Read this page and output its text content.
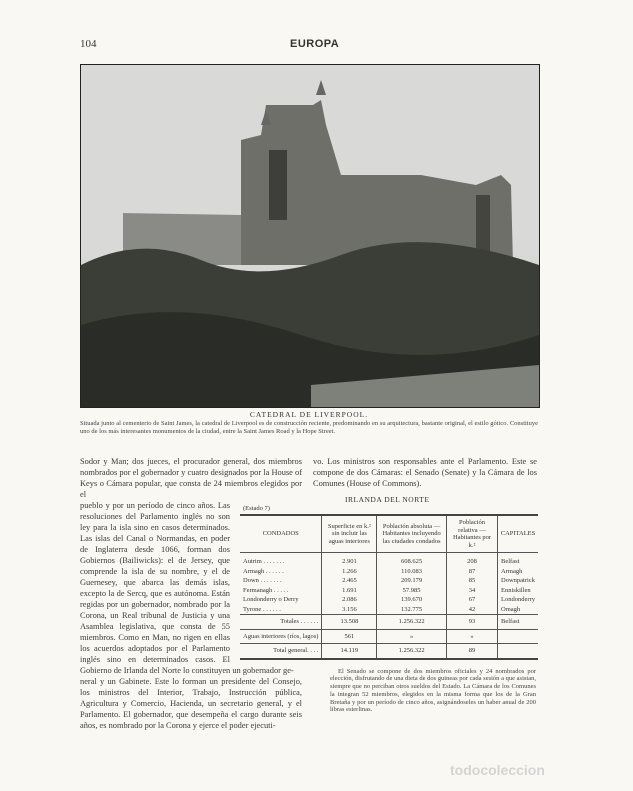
104	EUROPA
CATEDRAL DE LIVERPOOL.
Situada junto al cementerio de Saint James, la catedral de Liverpool es de construcción reciente, predominando en su arquitectura, bastante original, el estilo gótico. Constituye uno de los más interesantes monumentos de la ciudad, entre la Saint James Road y la Hope Street.

Sodor y Man; dos jueces, el procurador general, dos miembros nombrados por el gobernador y cuatro designados por la House of Keys o Cámara popular, que consta de 24 miembros elegidos por el

pueblo y por un período de cinco años. Las resoluciones del Parlamento inglés no son ley para la isla sino en casos determinados. Las islas del Canal o Normandas, en poder de Inglaterra desde 1066, forman dos Gobiernos (Bailiwicks): el de Jersey, que comprende la isla de su nombre, y el de Guernesey, que abarca las demás islas, excepto la de Sercq, que es autónoma. Están regidas por un gobernador, nombrado por la Corona, un Real tribunal de Justicia y una Asamblea legislativa, que consta de 55 miembros. Como en Man, no rigen en ellas los acuerdos adoptados por el Parlamento inglés sino en determinados casos. El Gobierno de Irlanda del Norte lo constituyen un gobernador ge-

neral y un Gabinete. Este lo forman un presidente del Consejo, los ministros del Interior, Trabajo, Instrucción pública, Agricultura y Comercio, Hacienda, un secretario general, y el Parlamento. El gobernador, que desempeña el cargo durante seis años, es nombrado por la Corona y ejerce el poder ejecuti-

vo. Los ministros son responsables ante el Parlamento. Este se compone de dos Cámaras: el Senado (Senate) y la Cámara de los Comunes (House of Commons).
IRLANDA DEL NORTE
(Estado 7)
CONDADOS	Superficie en k.² sin incluir las aguas interiores	Población absoluta — Habitantes incluyendo las ciudades condados	Población relativa — Habitantes por k.²	CAPITALES
Autrim . . . . . . .	2.901	608.625	208	Belfast
Armagh . . . . . .	1.266	110.083	87	Armagh
Down . . . . . . .	2.465	209.179	85	Downpatrick
Fermanagh . . . . .	1.691	57.985	34	Enniskillen
Londonderry o Derry	2.086	139.670	67	Londonderry
Tyrone . . . . . .	3.156	132.775	42	Omagh
Totales . . . . . .	13.508	1.256.322	93	Belfast
Aguas interiores (ríos, lagos)	561	»	»	
Total general. . . .	14.119	1.256.322	89	
El Senado se compone de dos miembros oficiales y 24 nombrados por elección, disfrutando de una dieta de dos guineas por cada sesión a que asistan, siempre que no perciban otros sueldos del Estado. La Cámara de los Comunes la integran 52 miembros, elegidos en la misma forma que los de la Gran Bretaña y por un período de cinco años, asignándoseles un haber anual de 200 libras esterlinas.
todocoleccion
